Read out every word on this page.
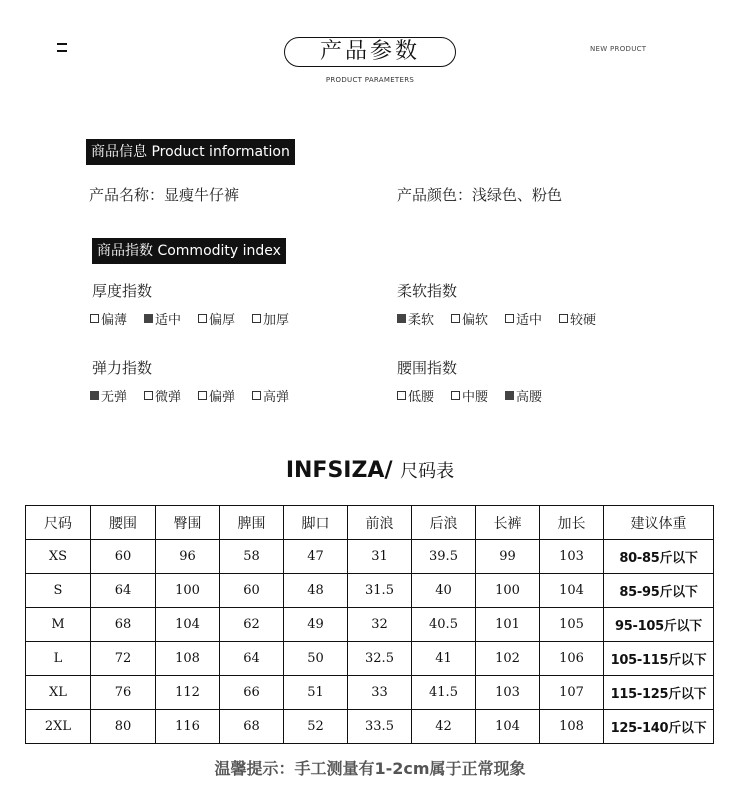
产品参数
PRODUCT PARAMETERS
NEW PRODUCT
商品信息 Product information
产品名称：显瘦牛仔裤	产品颜色：浅绿色、粉色
商品指数 Commodity index
厚度指数
偏薄 适中 偏厚 加厚
柔软指数
柔软 偏软 适中 较硬
弹力指数
无弹 微弹 偏弹 高弹
腰围指数
低腰 中腰 高腰
INFSIZA/ 尺码表
尺码	腰围	臀围	脾围	脚口	前浪	后浪	长裤	加长	建议体重
XS	60	96	58	47	31	39.5	99	103	80-85斤以下
S	64	100	60	48	31.5	40	100	104	85-95斤以下
M	68	104	62	49	32	40.5	101	105	95-105斤以下
L	72	108	64	50	32.5	41	102	106	105-115斤以下
XL	76	112	66	51	33	41.5	103	107	115-125斤以下
2XL	80	116	68	52	33.5	42	104	108	125-140斤以下
温馨提示：手工测量有1-2cm属于正常现象
